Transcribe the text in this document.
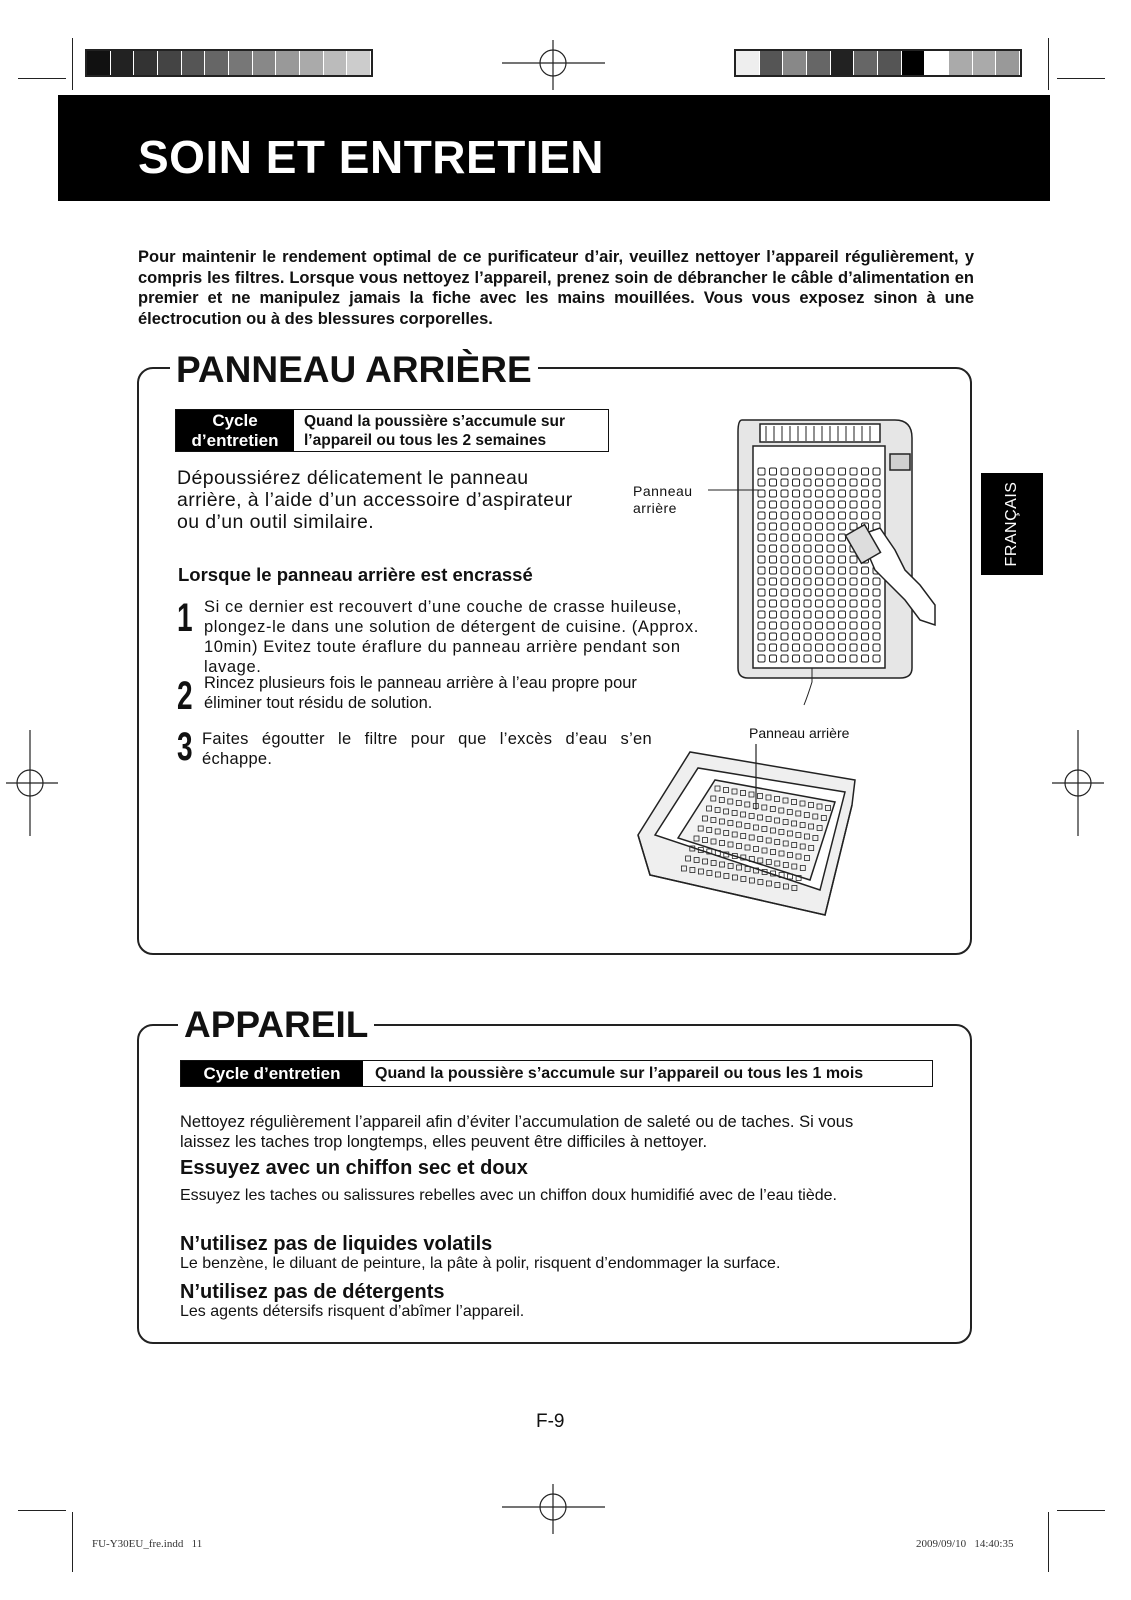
SOIN ET ENTRETIEN
Pour maintenir le rendement optimal de ce purificateur d’air, veuillez nettoyer l’appareil régulièrement, y compris les filtres. Lorsque vous nettoyez l’appareil, prenez soin de débrancher le câble d’alimentation en premier et ne manipulez jamais la fiche avec les mains mouillées. Vous vous exposez sinon à une électrocution ou à des blessures corporelles.
FRANÇAIS
PANNEAU ARRIÈRE
Cycle
d’entretien
Quand la poussière s’accumule sur
l’appareil ou tous les 2 semaines
Dépoussiérez délicatement le panneau arrière, à l’aide d’un accessoire d’aspirateur ou d’un outil similaire.
Lorsque le panneau arrière est encrassé
1 Si ce dernier est recouvert d’une couche de crasse huileuse, plongez-le dans une solution de détergent de cuisine. (Approx. 10min) Evitez toute éraflure du panneau arrière pendant son lavage.
2 Rincez plusieurs fois le panneau arrière à l’eau propre pour éliminer tout résidu de solution.
3 Faites égoutter le filtre pour que l’excès d’eau s’en échappe.
Panneau
arrière
Panneau arrière
APPAREIL
Cycle d’entretien	Quand la poussière s’accumule sur l’appareil ou tous les 1 mois
Nettoyez régulièrement l’appareil afin d’éviter l’accumulation de saleté ou de taches. Si vous laissez les taches trop longtemps, elles peuvent être difficiles à nettoyer.
Essuyez avec un chiffon sec et doux
Essuyez les taches ou salissures rebelles avec un chiffon doux humidifié avec de l’eau tiède.
N’utilisez pas de liquides volatils
Le benzène, le diluant de peinture, la pâte à polir, risquent d’endommager la surface.
N’utilisez pas de détergents
Les agents détersifs risquent d’abîmer l’appareil.
F-9
FU-Y30EU_fre.indd   11	2009/09/10   14:40:35
